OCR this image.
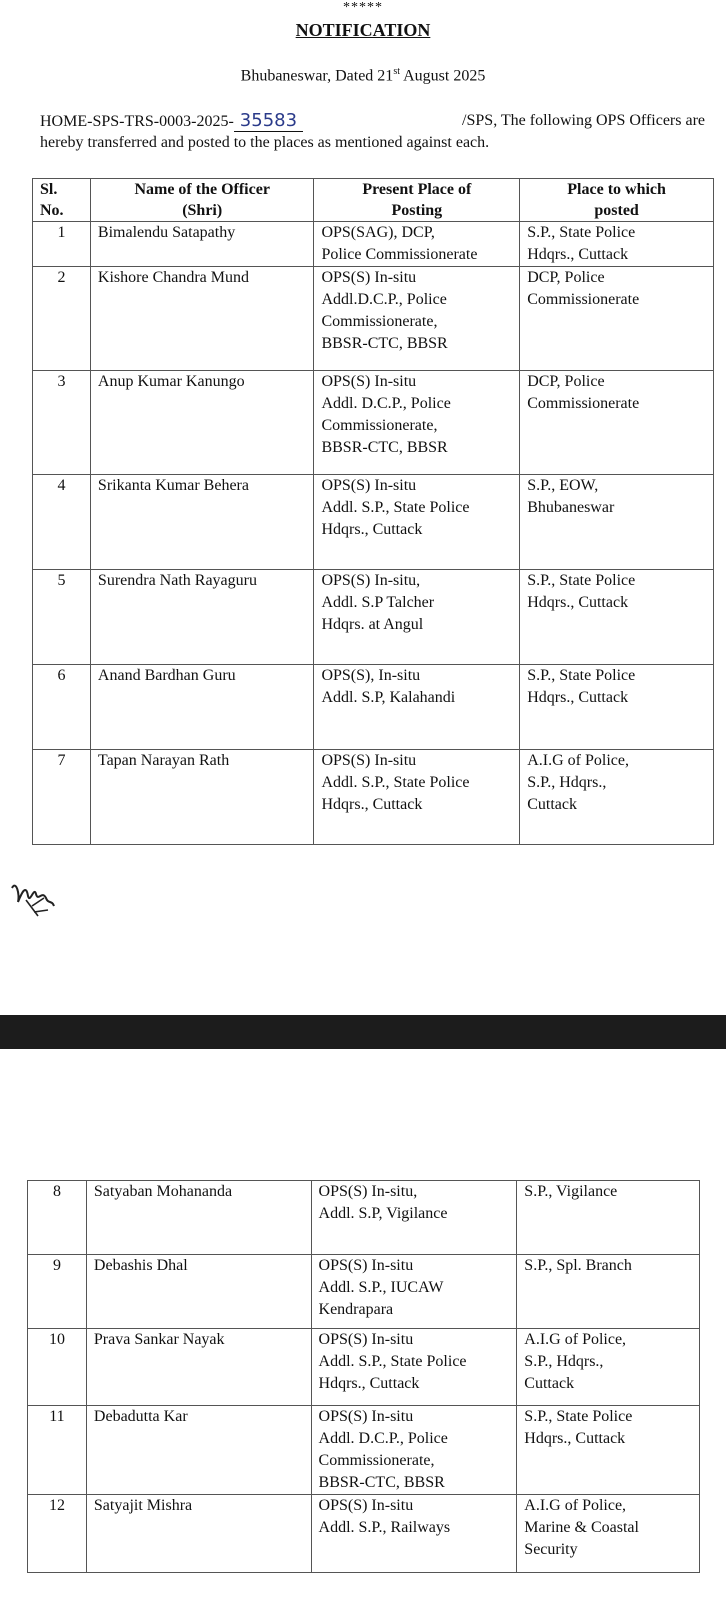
*****
NOTIFICATION
Bhubaneswar, Dated 21st August 2025
HOME-SPS-TRS-0003-2025- 35583	/SPS, The following OPS Officers are
hereby transferred and posted to the places as mentioned against each.
Sl.
No.	Name of the Officer
(Shri)	Present Place of
Posting	Place to which
posted
1	Bimalendu Satapathy	OPS(SAG), DCP,
Police Commissionerate	S.P., State Police
Hdqrs., Cuttack
2	Kishore Chandra Mund	OPS(S) In-situ
Addl.D.C.P., Police
Commissionerate,
BBSR-CTC, BBSR	DCP, Police
Commissionerate
3	Anup Kumar Kanungo	OPS(S) In-situ
Addl. D.C.P., Police
Commissionerate,
BBSR-CTC, BBSR	DCP, Police
Commissionerate
4	Srikanta Kumar Behera	OPS(S) In-situ
Addl. S.P., State Police
Hdqrs., Cuttack	S.P., EOW,
Bhubaneswar
5	Surendra Nath Rayaguru	OPS(S) In-situ,
Addl. S.P Talcher
Hdqrs. at Angul	S.P., State Police
Hdqrs., Cuttack
6	Anand Bardhan Guru	OPS(S), In-situ
Addl. S.P, Kalahandi	S.P., State Police
Hdqrs., Cuttack
7	Tapan Narayan Rath	OPS(S) In-situ
Addl. S.P., State Police
Hdqrs., Cuttack	A.I.G of Police,
S.P., Hdqrs.,
Cuttack
8	Satyaban Mohananda	OPS(S) In-situ,
Addl. S.P, Vigilance	S.P., Vigilance
9	Debashis Dhal	OPS(S) In-situ
Addl. S.P., IUCAW
Kendrapara	S.P., Spl. Branch
10	Prava Sankar Nayak	OPS(S) In-situ
Addl. S.P., State Police
Hdqrs., Cuttack	A.I.G of Police,
S.P., Hdqrs.,
Cuttack
11	Debadutta Kar	OPS(S) In-situ
Addl. D.C.P., Police
Commissionerate,
BBSR-CTC, BBSR	S.P., State Police
Hdqrs., Cuttack
12	Satyajit Mishra	OPS(S) In-situ
Addl. S.P., Railways	A.I.G of Police,
Marine & Coastal
Security
